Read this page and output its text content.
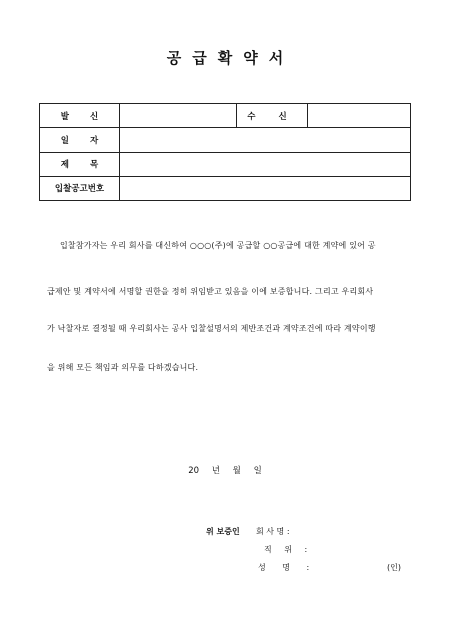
공급확약서
발 신		수 신	
일 자			
제 목			
입찰공고번호			
입찰참가자는 우리 회사를 대신하여 ○○○(주)에 공급할 ○○공급에 대한 계약에 있어 공
급제안 및 계약서에 서명할 권한을 정히 위임받고 있음을 이에 보증합니다. 그리고 우리회사
가 낙찰자로 결정될 때 우리회사는 공사 입찰설명서의 제반조건과 계약조건에 따라 계약이행
을 위해 모든 책임과 의무를 다하겠습니다.
20 년 월 일
위 보증인 회 사 명 :
직 위 :
성 명 :	(인)
